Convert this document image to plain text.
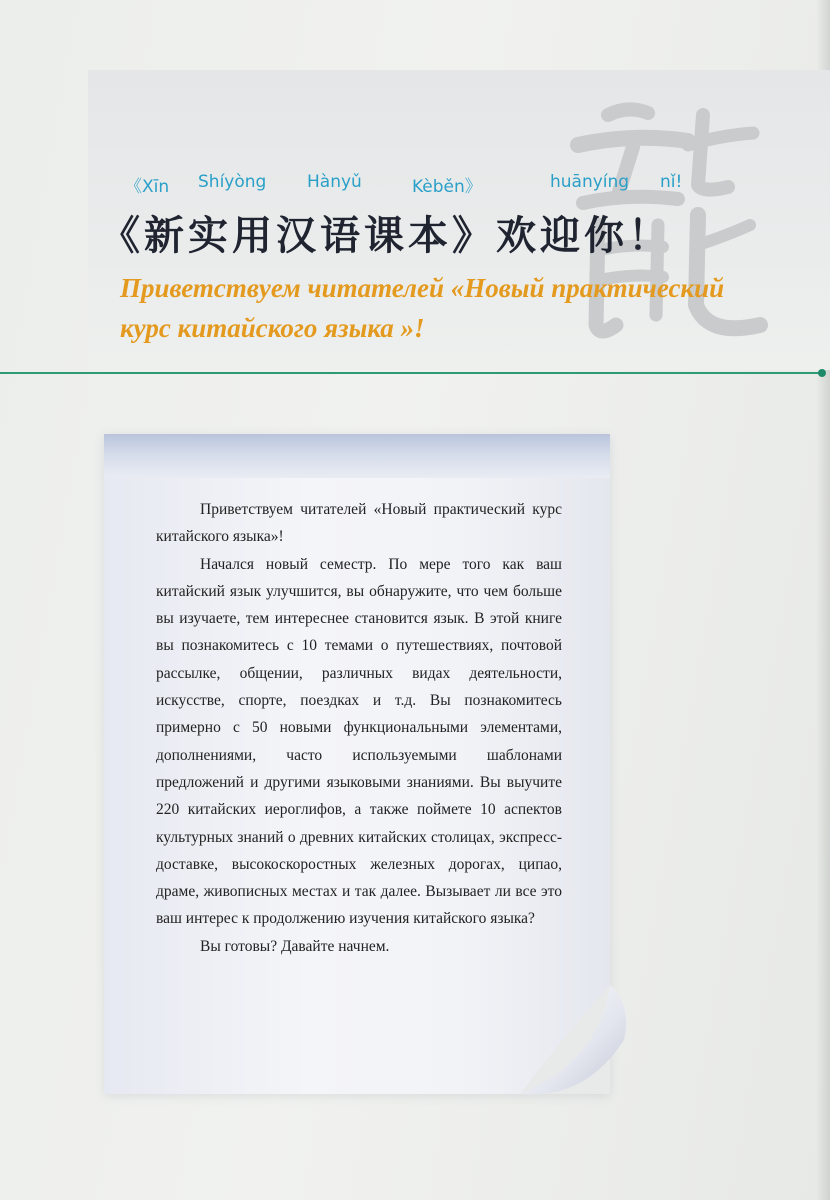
《Xīn Shíyòng Hànyǔ	Kèběn》	huānyíng nǐ!
《新实用汉语课本》欢迎你！
Приветствуем читателей «Новый практический
курс китайского языка »!

Приветствуем читателей «Новый практический курс китайского языка»!

Начался новый семестр. По мере того как ваш китайский язык улучшится, вы обнаружите, что чем больше вы изучаете, тем интереснее становится язык. В этой книге вы познакомитесь с 10 темами о путешествиях, почтовой рассылке, общении, различных видах деятельности, искусстве, спорте, поездках и т.д. Вы познакомитесь примерно с 50 новыми функциональными элементами, дополнениями, часто используемыми шаблонами предложений и другими языковыми знаниями. Вы выучите 220 китайских иероглифов, а также поймете 10 аспектов культурных знаний о древних китайских столицах, экспресс-доставке, высокоскоростных железных дорогах, ципао, драме, живописных местах и так далее. Вызывает ли все это ваш интерес к продолжению изучения китайского языка?

Вы готовы? Давайте начнем.
